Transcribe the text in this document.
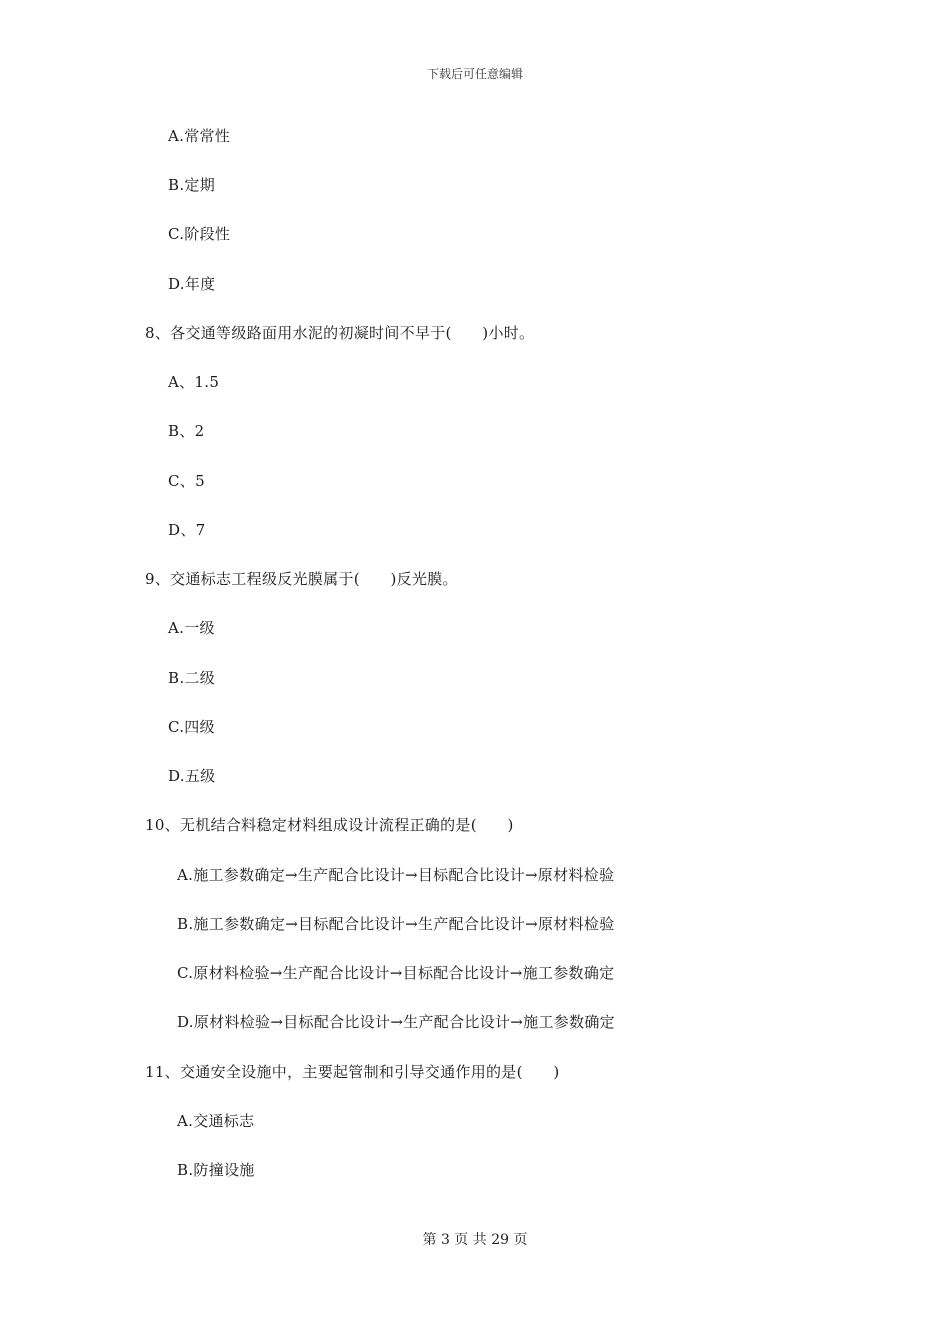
下载后可任意编辑
A.常常性
B.定期
C.阶段性
D.年度
8、各交通等级路面用水泥的初凝时间不早于(　　)小时。
A、1.5
B、2
C、5
D、7
9、交通标志工程级反光膜属于(　　)反光膜。
A.一级
B.二级
C.四级
D.五级
10、无机结合料稳定材料组成设计流程正确的是(　　)
A.施工参数确定→生产配合比设计→目标配合比设计→原材料检验
B.施工参数确定→目标配合比设计→生产配合比设计→原材料检验
C.原材料检验→生产配合比设计→目标配合比设计→施工参数确定
D.原材料检验→目标配合比设计→生产配合比设计→施工参数确定
11、交通安全设施中，主要起管制和引导交通作用的是(　　)
A.交通标志
B.防撞设施
第 3 页 共 29 页
